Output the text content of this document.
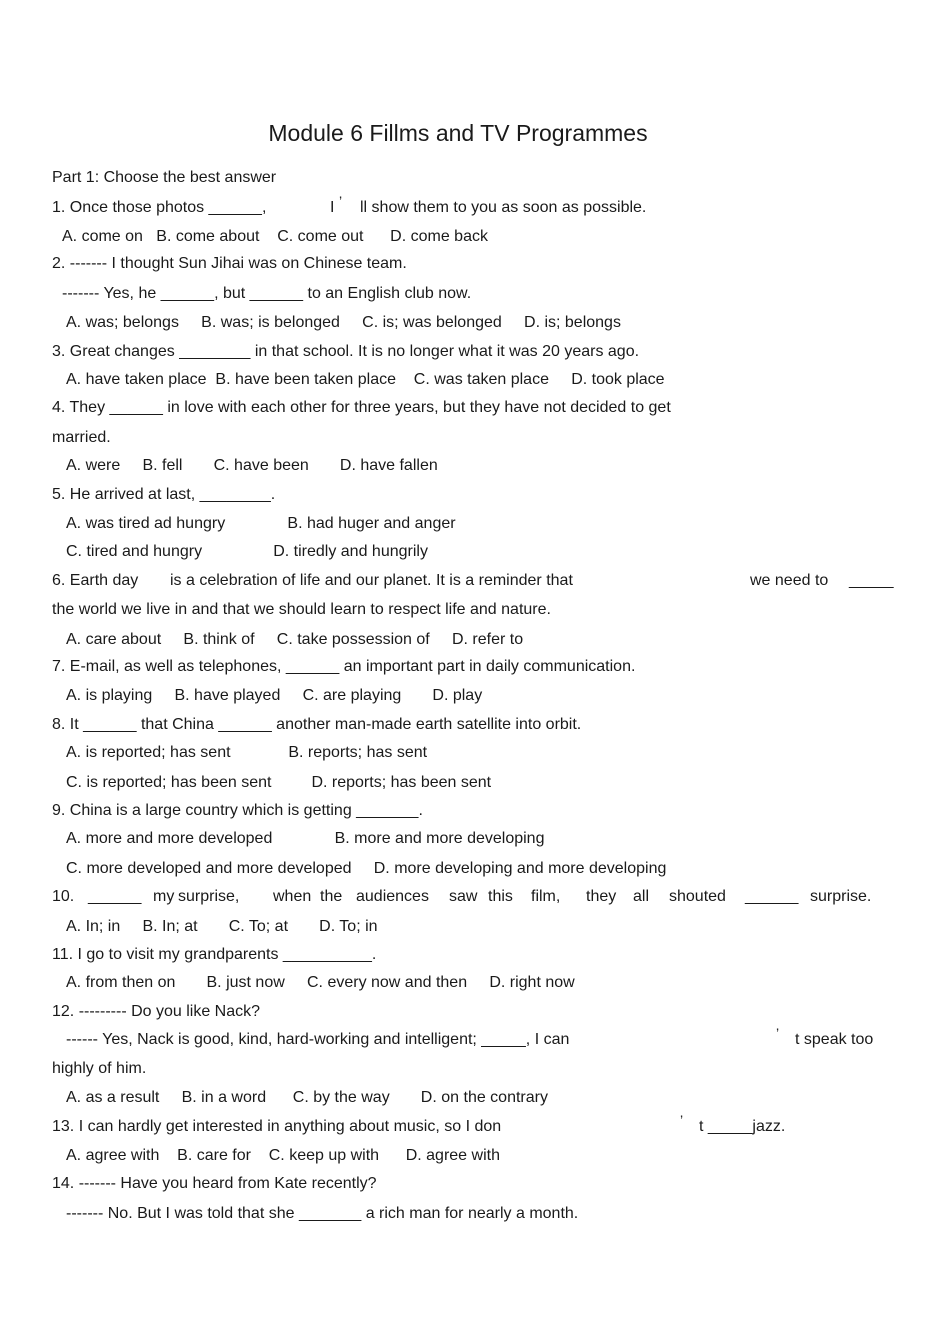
Module 6 Fillms and TV Programmes
Part 1: Choose the best answer
1. Once those photos ______,	I ’ ll show them to you as soon as possible.
A. come on   B. come about    C. come out      D. come back
2. ------- I thought Sun Jihai was on Chinese team.
------- Yes, he ______, but ______ to an English club now.
A. was; belongs     B. was; is belonged     C. is; was belonged     D. is; belongs
3. Great changes ________ in that school. It is no longer what it was 20 years ago.
A. have taken place  B. have been taken place    C. was taken place     D. took place
4. They ______ in love with each other for three years, but they have not decided to get
married.
A. were     B. fell       C. have been       D. have fallen
5. He arrived at last, ________.
A. was tired ad hungry              B. had huger and anger
C. tired and hungry                D. tiredly and hungrily
6. Earth day is a celebration of life and our planet. It is a reminder that	we need to _____
the world we live in and that we should learn to respect life and nature.
A. care about     B. think of     C. take possession of     D. refer to
7. E-mail, as well as telephones, ______ an important part in daily communication.
A. is playing     B. have played     C. are playing       D. play
8. It ______ that China ______ another man-made earth satellite into orbit.
A. is reported; has sent             B. reports; has sent
C. is reported; has been sent         D. reports; has been sent
9. China is a large country which is getting _______.
A. more and more developed              B. more and more developing
C. more developed and more developed     D. more developing and more developing
10. ______ my surprise, when the audiences saw this film, they all shouted ______ surprise.
A. In; in     B. In; at       C. To; at       D. To; in
11. I go to visit my grandparents __________.
A. from then on       B. just now     C. every now and then     D. right now
12. --------- Do you like Nack?
------ Yes, Nack is good, kind, hard-working and intelligent; _____, I can	’ t speak too
highly of him.
A. as a result     B. in a word      C. by the way       D. on the contrary
13. I can hardly get interested in anything about music, so I don	’ t _____jazz.
A. agree with    B. care for    C. keep up with      D. agree with
14. ------- Have you heard from Kate recently?
------- No. But I was told that she _______ a rich man for nearly a month.
